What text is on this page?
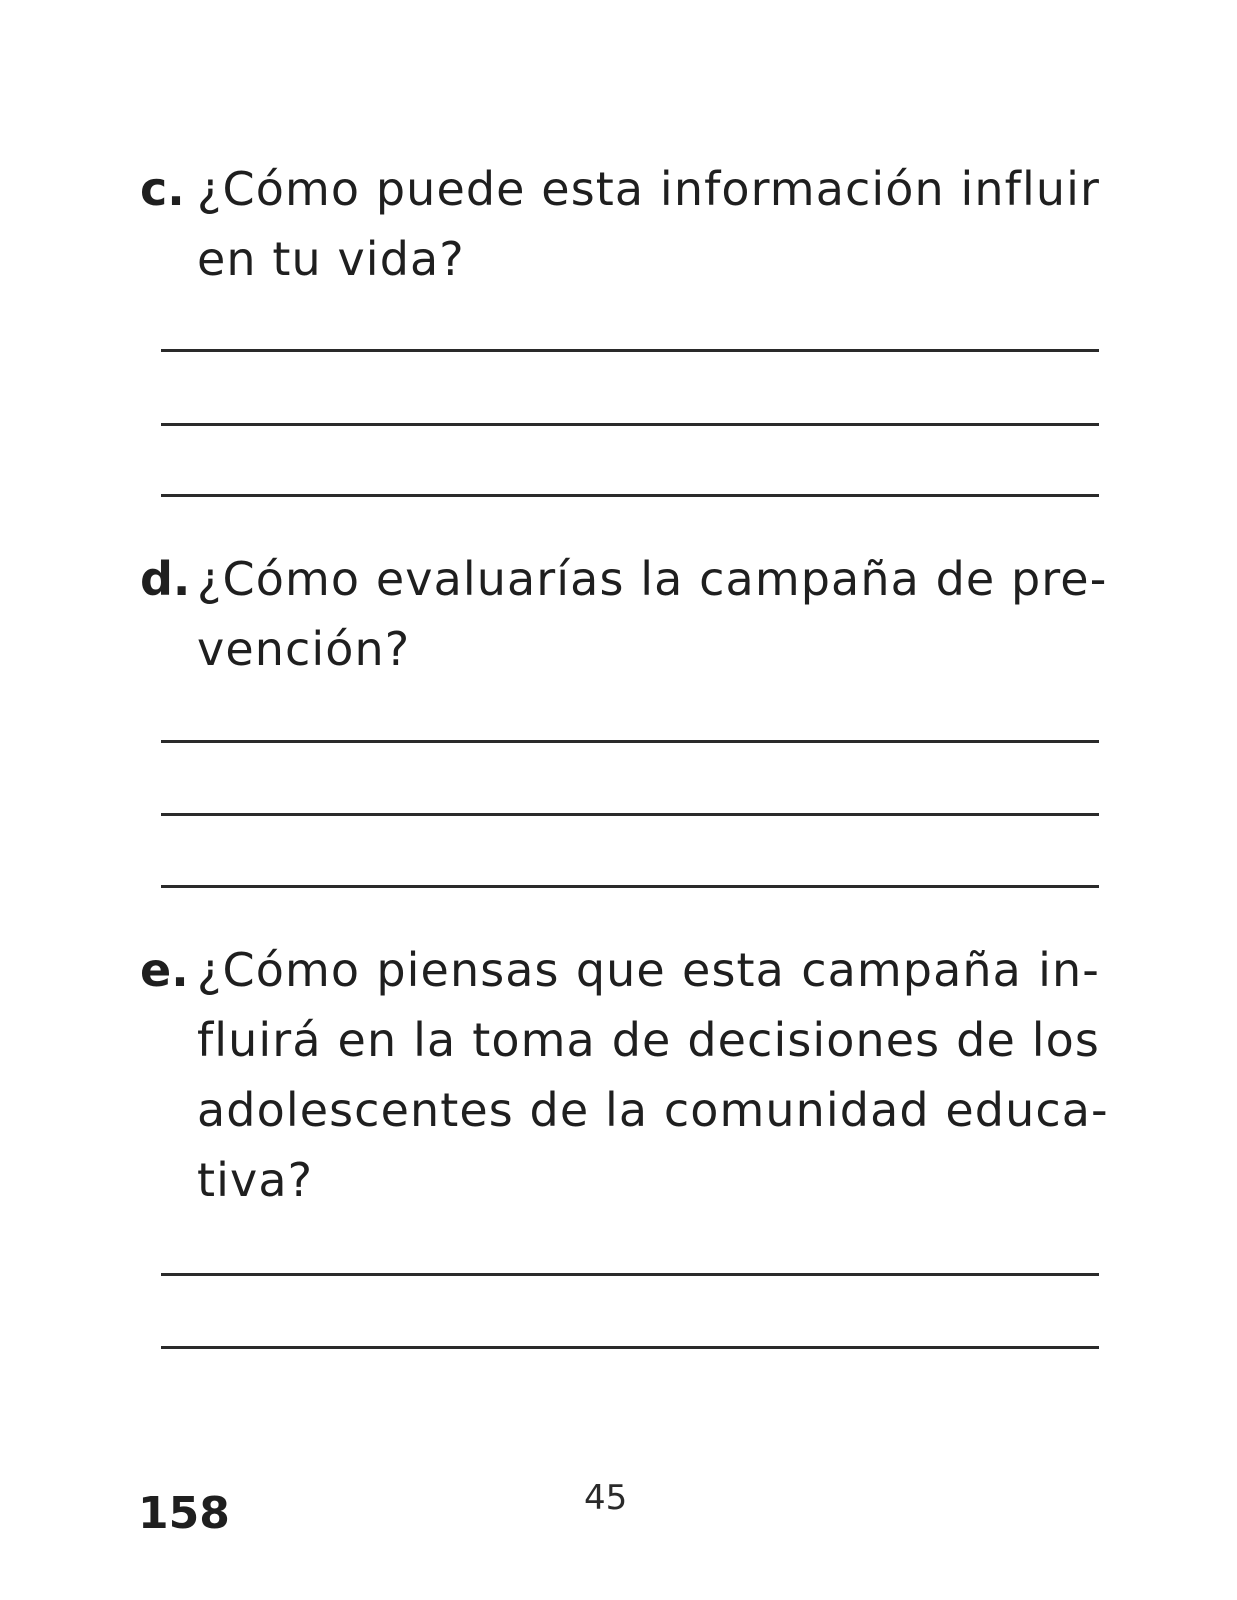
c. ¿Cómo puede esta información influir
en tu vida?
d. ¿Cómo evaluarías la campaña de pre-
vención?
e. ¿Cómo piensas que esta campaña in-
fluirá en la toma de decisiones de los
adolescentes de la comunidad educa-
tiva?
158	45
